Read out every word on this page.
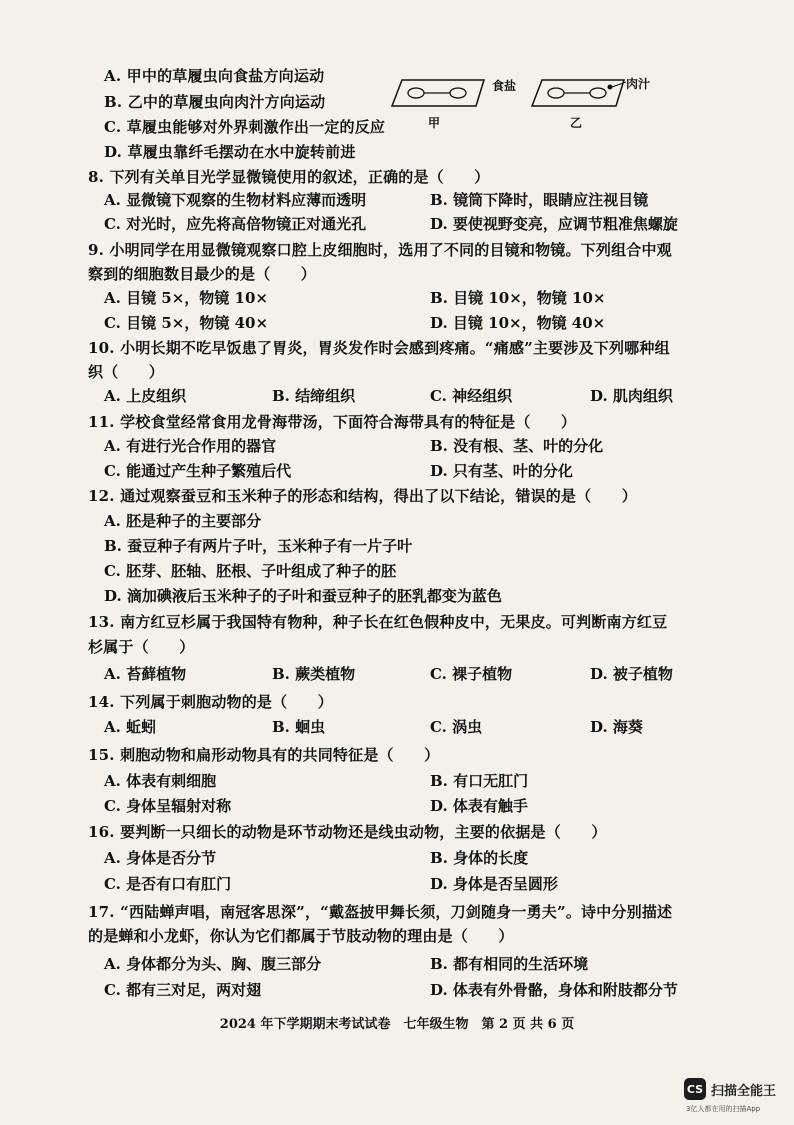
A. 甲中的草履虫向食盐方向运动
B. 乙中的草履虫向肉汁方向运动
C. 草履虫能够对外界刺激作出一定的反应
D. 草履虫靠纤毛摆动在水中旋转前进
食盐	肉汁
甲	乙
8. 下列有关单目光学显微镜使用的叙述，正确的是（　　）
A. 显微镜下观察的生物材料应薄而透明	B. 镜筒下降时，眼睛应注视目镜
C. 对光时，应先将高倍物镜正对通光孔	D. 要使视野变亮，应调节粗准焦螺旋
9. 小明同学在用显微镜观察口腔上皮细胞时，选用了不同的目镜和物镜。下列组合中观
察到的细胞数目最少的是（　　）
A. 目镜 5×，物镜 10×	B. 目镜 10×，物镜 10×
C. 目镜 5×，物镜 40×	D. 目镜 10×，物镜 40×
10. 小明长期不吃早饭患了胃炎，胃炎发作时会感到疼痛。“痛感”主要涉及下列哪种组
织（　　）
A. 上皮组织	B. 结缔组织	C. 神经组织	D. 肌肉组织
11. 学校食堂经常食用龙骨海带汤，下面符合海带具有的特征是（　　）
A. 有进行光合作用的器官	B. 没有根、茎、叶的分化
C. 能通过产生种子繁殖后代	D. 只有茎、叶的分化
12. 通过观察蚕豆和玉米种子的形态和结构，得出了以下结论，错误的是（　　）
A. 胚是种子的主要部分
B. 蚕豆种子有两片子叶，玉米种子有一片子叶
C. 胚芽、胚轴、胚根、子叶组成了种子的胚
D. 滴加碘液后玉米种子的子叶和蚕豆种子的胚乳都变为蓝色
13. 南方红豆杉属于我国特有物种，种子长在红色假种皮中，无果皮。可判断南方红豆
杉属于（　　）
A. 苔藓植物	B. 蕨类植物	C. 裸子植物	D. 被子植物
14. 下列属于刺胞动物的是（　　）
A. 蚯蚓	B. 蛔虫	C. 涡虫	D. 海葵
15. 刺胞动物和扁形动物具有的共同特征是（　　）
A. 体表有刺细胞	B. 有口无肛门
C. 身体呈辐射对称	D. 体表有触手
16. 要判断一只细长的动物是环节动物还是线虫动物，主要的依据是（　　）
A. 身体是否分节	B. 身体的长度
C. 是否有口有肛门	D. 身体是否呈圆形
17. “西陆蝉声唱，南冠客思深”，“戴盔披甲舞长须，刀剑随身一勇夫”。诗中分别描述
的是蝉和小龙虾，你认为它们都属于节肢动物的理由是（　　）
A. 身体都分为头、胸、腹三部分	B. 都有相同的生活环境
C. 都有三对足，两对翅	D. 体表有外骨骼，身体和附肢都分节
2024 年下学期期末考试试卷　七年级生物　第 2 页 共 6 页
CS 扫描全能王
3亿人都在用的扫描App
